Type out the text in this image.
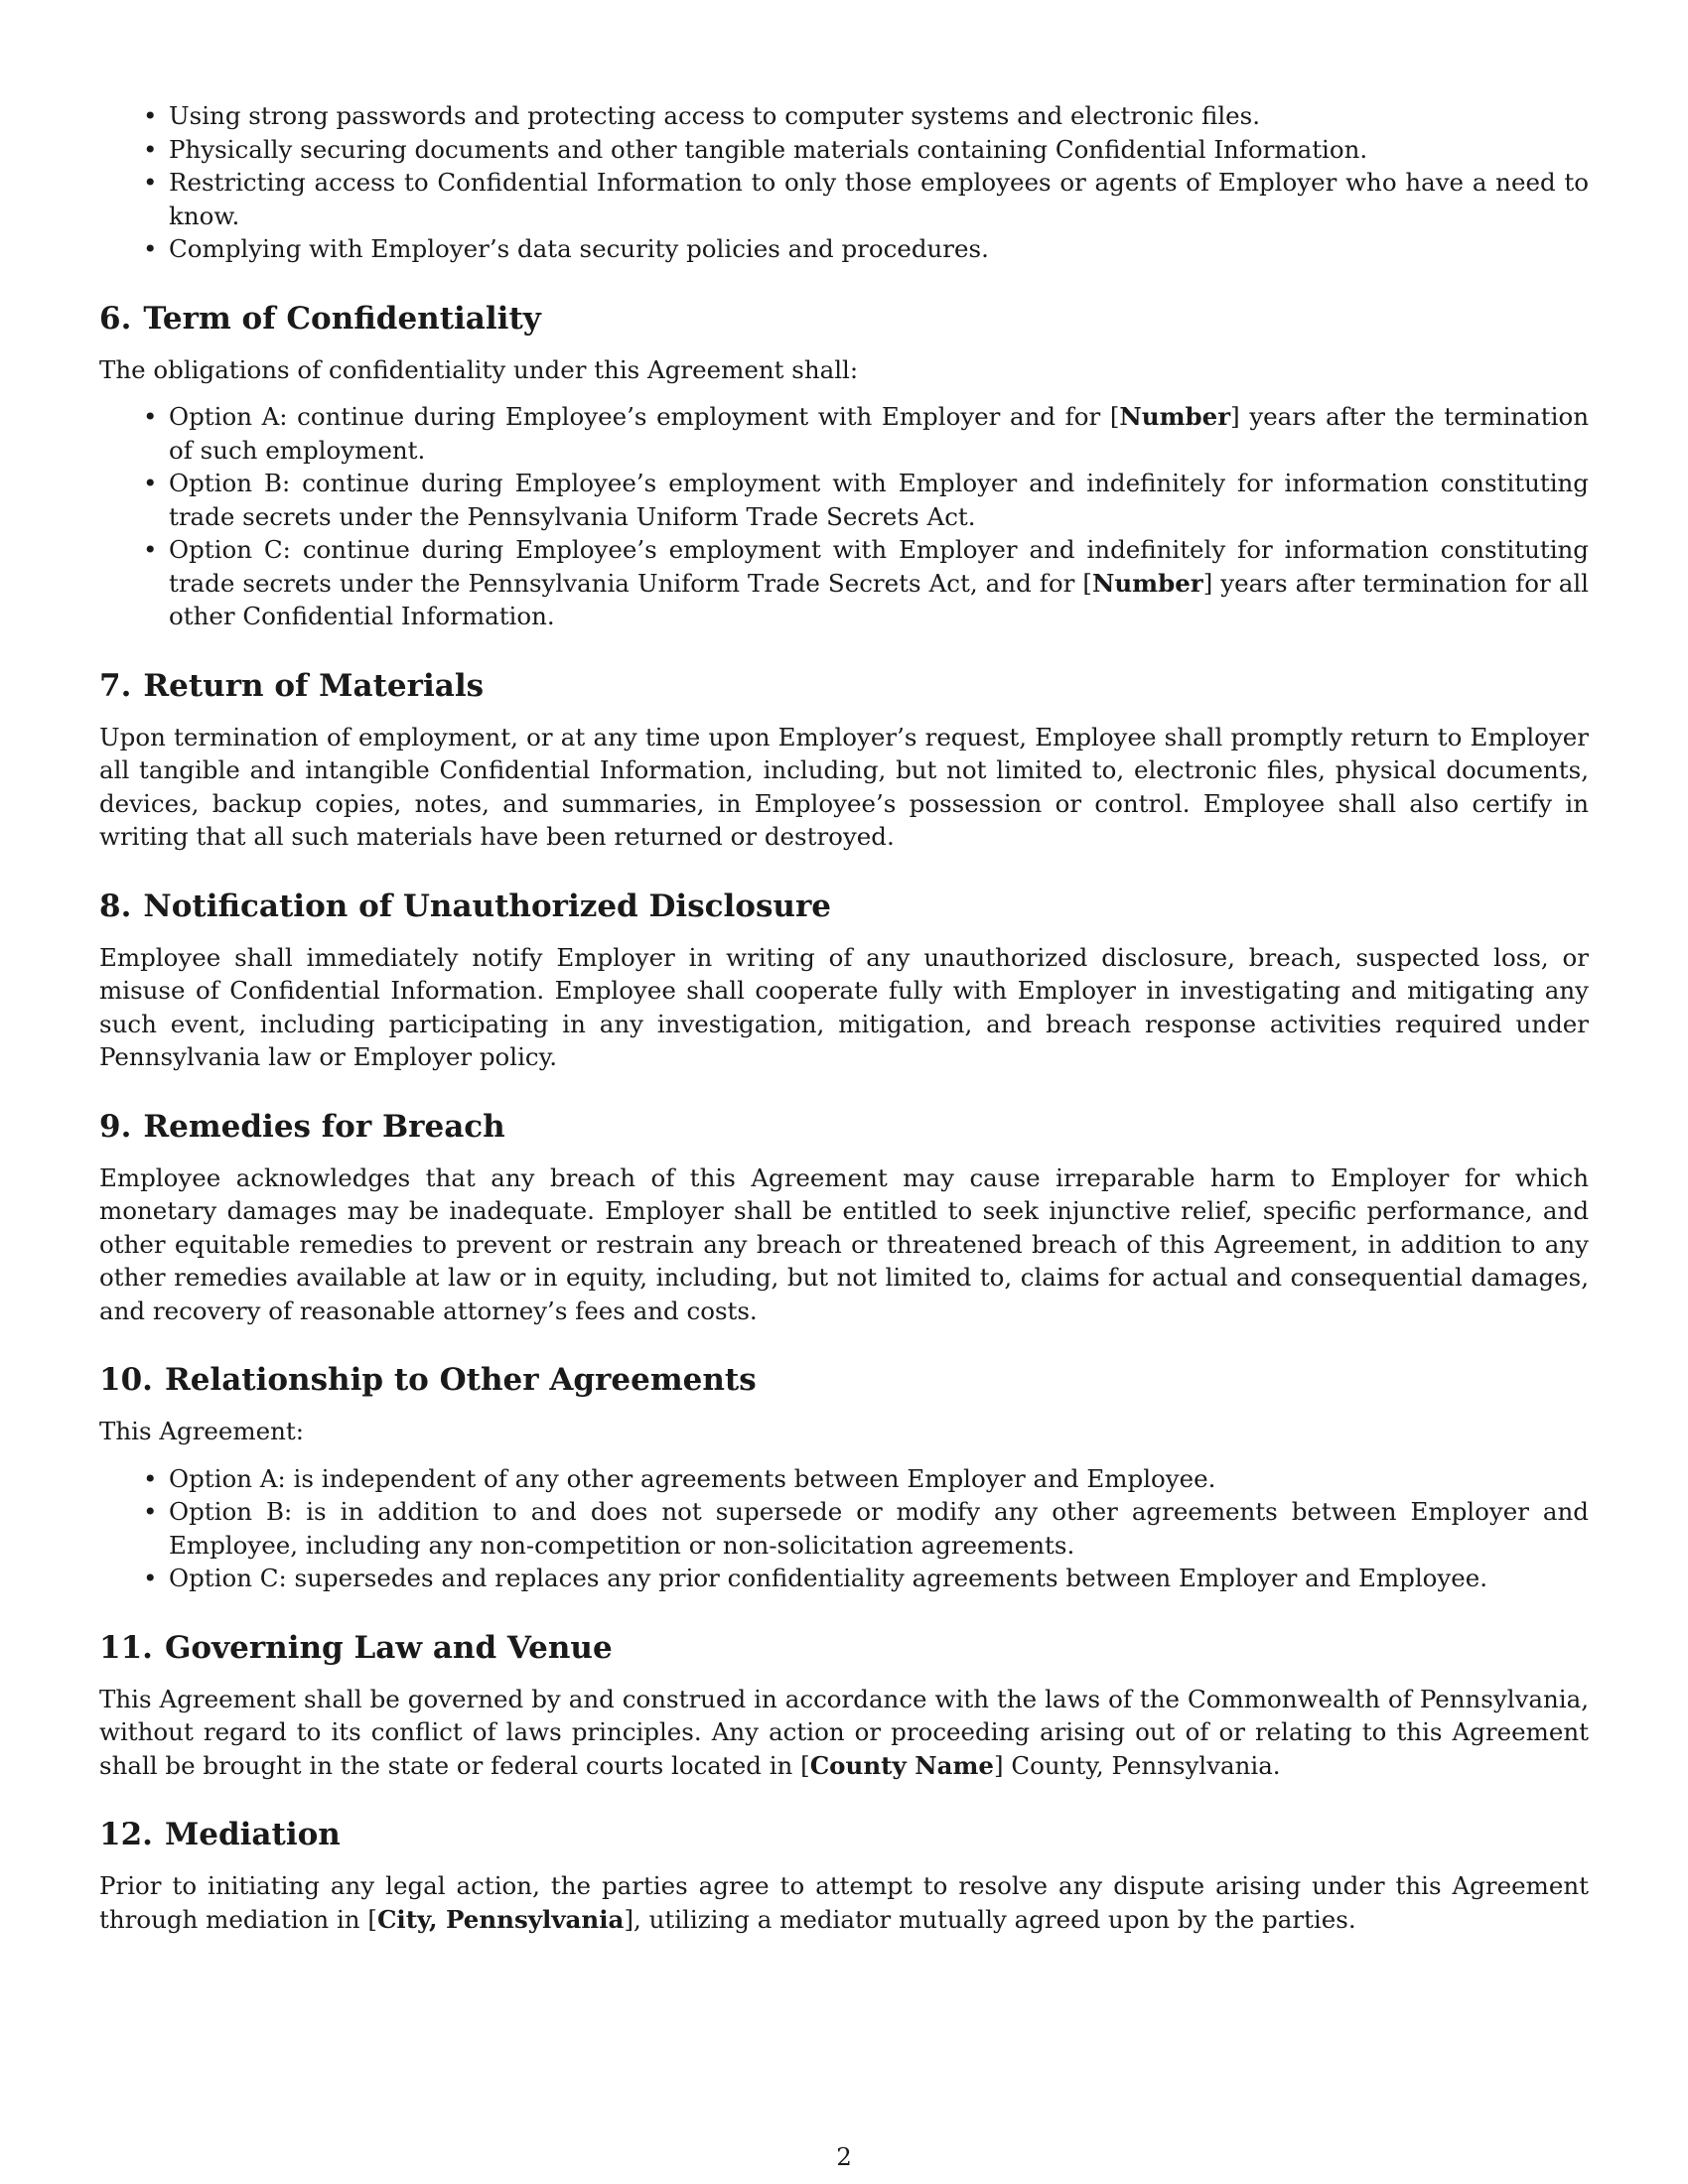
• Using strong passwords and protecting access to computer systems and electronic files.
• Physically securing documents and other tangible materials containing Confidential Information.
• Restricting access to Confidential Information to only those employees or agents of Employer who have a need to know.
• Complying with Employer’s data security policies and procedures.
6. Term of Confidentiality

The obligations of confidentiality under this Agreement shall:

• Option A: continue during Employee’s employment with Employer and for [Number] years after the termination of such employment.
• Option B: continue during Employee’s employment with Employer and indefinitely for information constituting trade secrets under the Pennsylvania Uniform Trade Secrets Act.
• Option C: continue during Employee’s employment with Employer and indefinitely for information constituting trade secrets under the Pennsylvania Uniform Trade Secrets Act, and for [Number] years after termination for all other Confidential Information.
7. Return of Materials

Upon termination of employment, or at any time upon Employer’s request, Employee shall promptly return to Employer all tangible and intangible Confidential Information, including, but not limited to, electronic files, physical documents, devices, backup copies, notes, and summaries, in Employee’s possession or control. Employee shall also certify in writing that all such materials have been returned or destroyed.

8. Notification of Unauthorized Disclosure

Employee shall immediately notify Employer in writing of any unauthorized disclosure, breach, suspected loss, or misuse of Confidential Information. Employee shall cooperate fully with Employer in investigating and mitigating any such event, including participating in any investigation, mitigation, and breach response activities required under Pennsylvania law or Employer policy.

9. Remedies for Breach

Employee acknowledges that any breach of this Agreement may cause irreparable harm to Employer for which monetary damages may be inadequate. Employer shall be entitled to seek injunctive relief, specific performance, and other equitable remedies to prevent or restrain any breach or threatened breach of this Agreement, in addition to any other remedies available at law or in equity, including, but not limited to, claims for actual and consequential damages, and recovery of reasonable attorney’s fees and costs.

10. Relationship to Other Agreements

This Agreement:

• Option A: is independent of any other agreements between Employer and Employee.
• Option B: is in addition to and does not supersede or modify any other agreements between Employer and Employee, including any non-competition or non-solicitation agreements.
• Option C: supersedes and replaces any prior confidentiality agreements between Employer and Employee.
11. Governing Law and Venue

This Agreement shall be governed by and construed in accordance with the laws of the Commonwealth of Pennsylvania, without regard to its conflict of laws principles. Any action or proceeding arising out of or relating to this Agreement shall be brought in the state or federal courts located in [County Name] County, Pennsylvania.

12. Mediation

Prior to initiating any legal action, the parties agree to attempt to resolve any dispute arising under this Agreement through mediation in [City, Pennsylvania], utilizing a mediator mutually agreed upon by the parties.

2
